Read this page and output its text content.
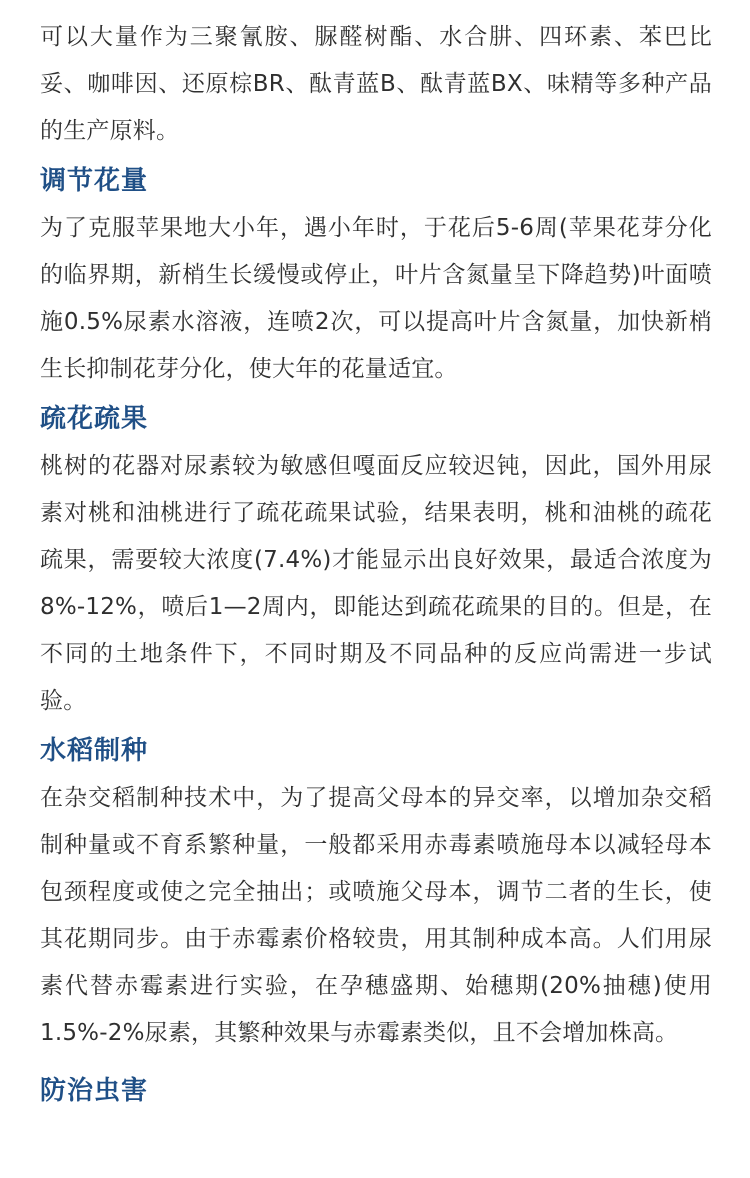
可以大量作为三聚氰胺、脲醛树酯、水合肼、四环素、苯巴比妥、咖啡因、还原棕BR、酞青蓝B、酞青蓝BX、味精等多种产品的生产原料。

调节花量

为了克服苹果地大小年，遇小年时，于花后5-6周(苹果花芽分化的临界期，新梢生长缓慢或停止，叶片含氮量呈下降趋势)叶面喷施0.5%尿素水溶液，连喷2次，可以提高叶片含氮量，加快新梢生长抑制花芽分化，使大年的花量适宜。

疏花疏果

桃树的花器对尿素较为敏感但嘎面反应较迟钝，因此，国外用尿素对桃和油桃进行了疏花疏果试验，结果表明，桃和油桃的疏花疏果，需要较大浓度(7.4%)才能显示出良好效果，最适合浓度为8%-12%，喷后1—2周内，即能达到疏花疏果的目的。但是，在不同的土地条件下，不同时期及不同品种的反应尚需进一步试验。

水稻制种

在杂交稻制种技术中，为了提高父母本的异交率，以增加杂交稻制种量或不育系繁种量，一般都采用赤毒素喷施母本以减轻母本包颈程度或使之完全抽出；或喷施父母本，调节二者的生长，使其花期同步。由于赤霉素价格较贵，用其制种成本高。人们用尿素代替赤霉素进行实验，在孕穗盛期、始穗期(20%抽穗)使用1.5%-2%尿素，其繁种效果与赤霉素类似，且不会增加株高。

防治虫害
